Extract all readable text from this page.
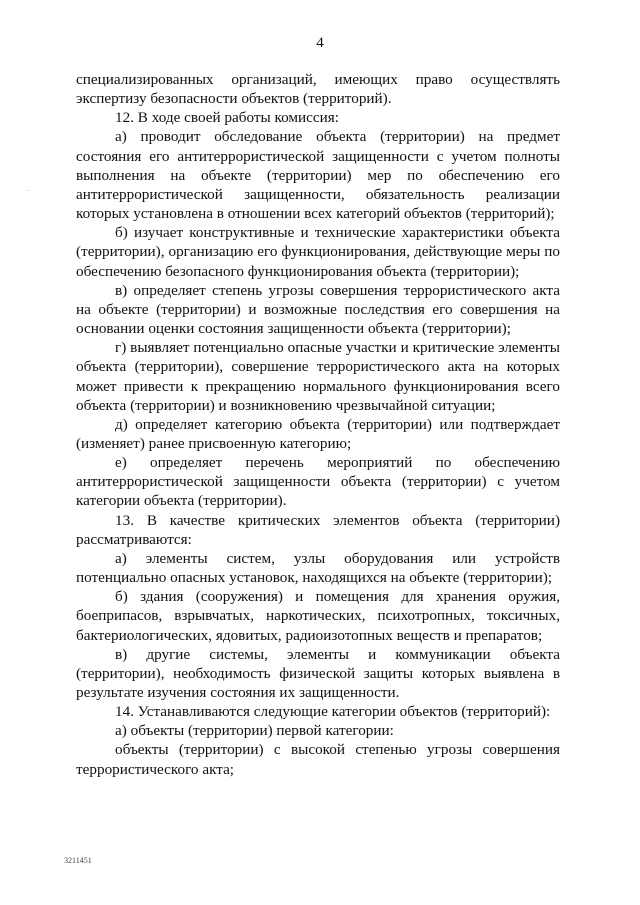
4

специализированных организаций, имеющих право осуществлять экспертизу безопасности объектов (территорий).

12. В ходе своей работы комиссия:

а) проводит обследование объекта (территории) на предмет состояния его антитеррористической защищенности с учетом полноты выполнения на объекте (территории) мер по обеспечению его антитеррористической защищенности, обязательность реализации которых установлена в отношении всех категорий объектов (территорий);

б) изучает конструктивные и технические характеристики объекта (территории), организацию его функционирования, действующие меры по обеспечению безопасного функционирования объекта (территории);

в) определяет степень угрозы совершения террористического акта на объекте (территории) и возможные последствия его совершения на основании оценки состояния защищенности объекта (территории);

г) выявляет потенциально опасные участки и критические элементы объекта (территории), совершение террористического акта на которых может привести к прекращению нормального функционирования всего объекта (территории) и возникновению чрезвычайной ситуации;

д) определяет категорию объекта (территории) или подтверждает (изменяет) ранее присвоенную категорию;

е) определяет перечень мероприятий по обеспечению антитеррористической защищенности объекта (территории) с учетом категории объекта (территории).

13. В качестве критических элементов объекта (территории) рассматриваются:

а) элементы систем, узлы оборудования или устройств потенциально опасных установок, находящихся на объекте (территории);

б) здания (сооружения) и помещения для хранения оружия, боеприпасов, взрывчатых, наркотических, психотропных, токсичных, бактериологических, ядовитых, радиоизотопных веществ и препаратов;

в) другие системы, элементы и коммуникации объекта (территории), необходимость физической защиты которых выявлена в результате изучения состояния их защищенности.

14. Устанавливаются следующие категории объектов (территорий):

а) объекты (территории) первой категории:

объекты (территории) с высокой степенью угрозы совершения террористического акта;

.
3211451
